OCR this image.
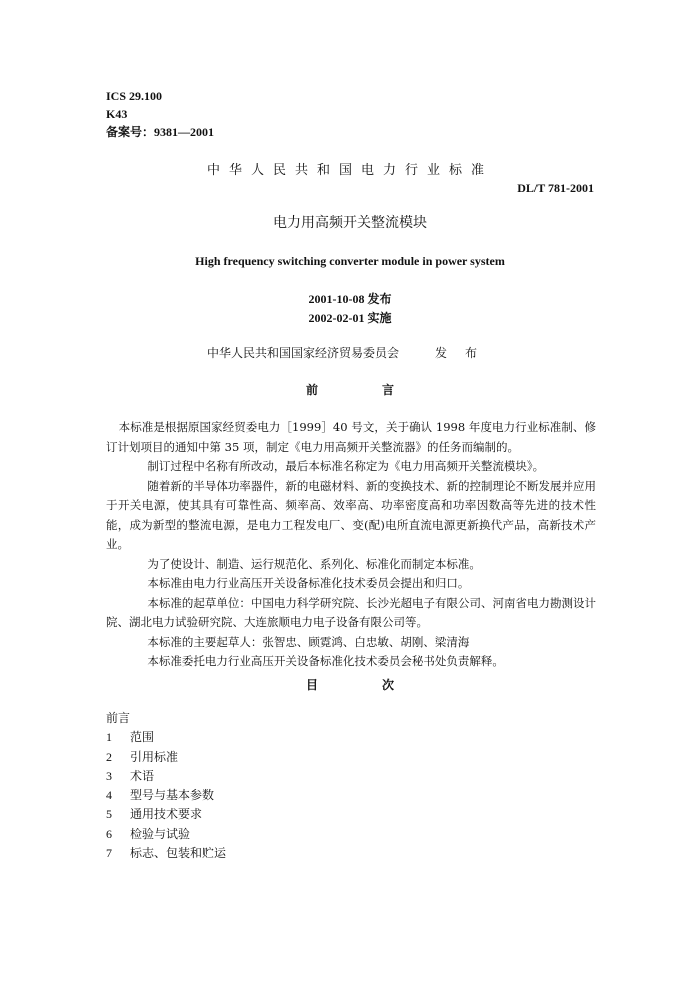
ICS 29.100
K43
备案号：9381—2001
中华人民共和国电力行业标准
DL/T 781-2001
电力用高频开关整流模块
High frequency switching converter module in power system
2001-10-08 发布
2002-02-01 实施
中华人民共和国国家经济贸易委员会	发布
前	言

本标准是根据原国家经贸委电力［1999］40 号文，关于确认 1998 年度电力行业标准制、修订计划项目的通知中第 35 项，制定《电力用高频开关整流器》的任务而编制的。

制订过程中名称有所改动，最后本标准名称定为《电力用高频开关整流模块》。

随着新的半导体功率器件，新的电磁材料、新的变换技术、新的控制理论不断发展并应用于开关电源，使其具有可靠性高、频率高、效率高、功率密度高和功率因数高等先进的技术性能，成为新型的整流电源，是电力工程发电厂、变(配)电所直流电源更新换代产品，高新技术产业。

为了使设计、制造、运行规范化、系列化、标准化而制定本标准。

本标准由电力行业高压开关设备标准化技术委员会提出和归口。

本标准的起草单位：中国电力科学研究院、长沙光超电子有限公司、河南省电力勘测设计院、湖北电力试验研究院、大连旅顺电力电子设备有限公司等。

本标准的主要起草人：张智忠、顾霓鸿、白忠敏、胡刚、梁清海

本标准委托电力行业高压开关设备标准化技术委员会秘书处负责解释。

目	次
前言
1 范围
2 引用标准
3 术语
4 型号与基本参数
5 通用技术要求
6 检验与试验
7 标志、包装和贮运
